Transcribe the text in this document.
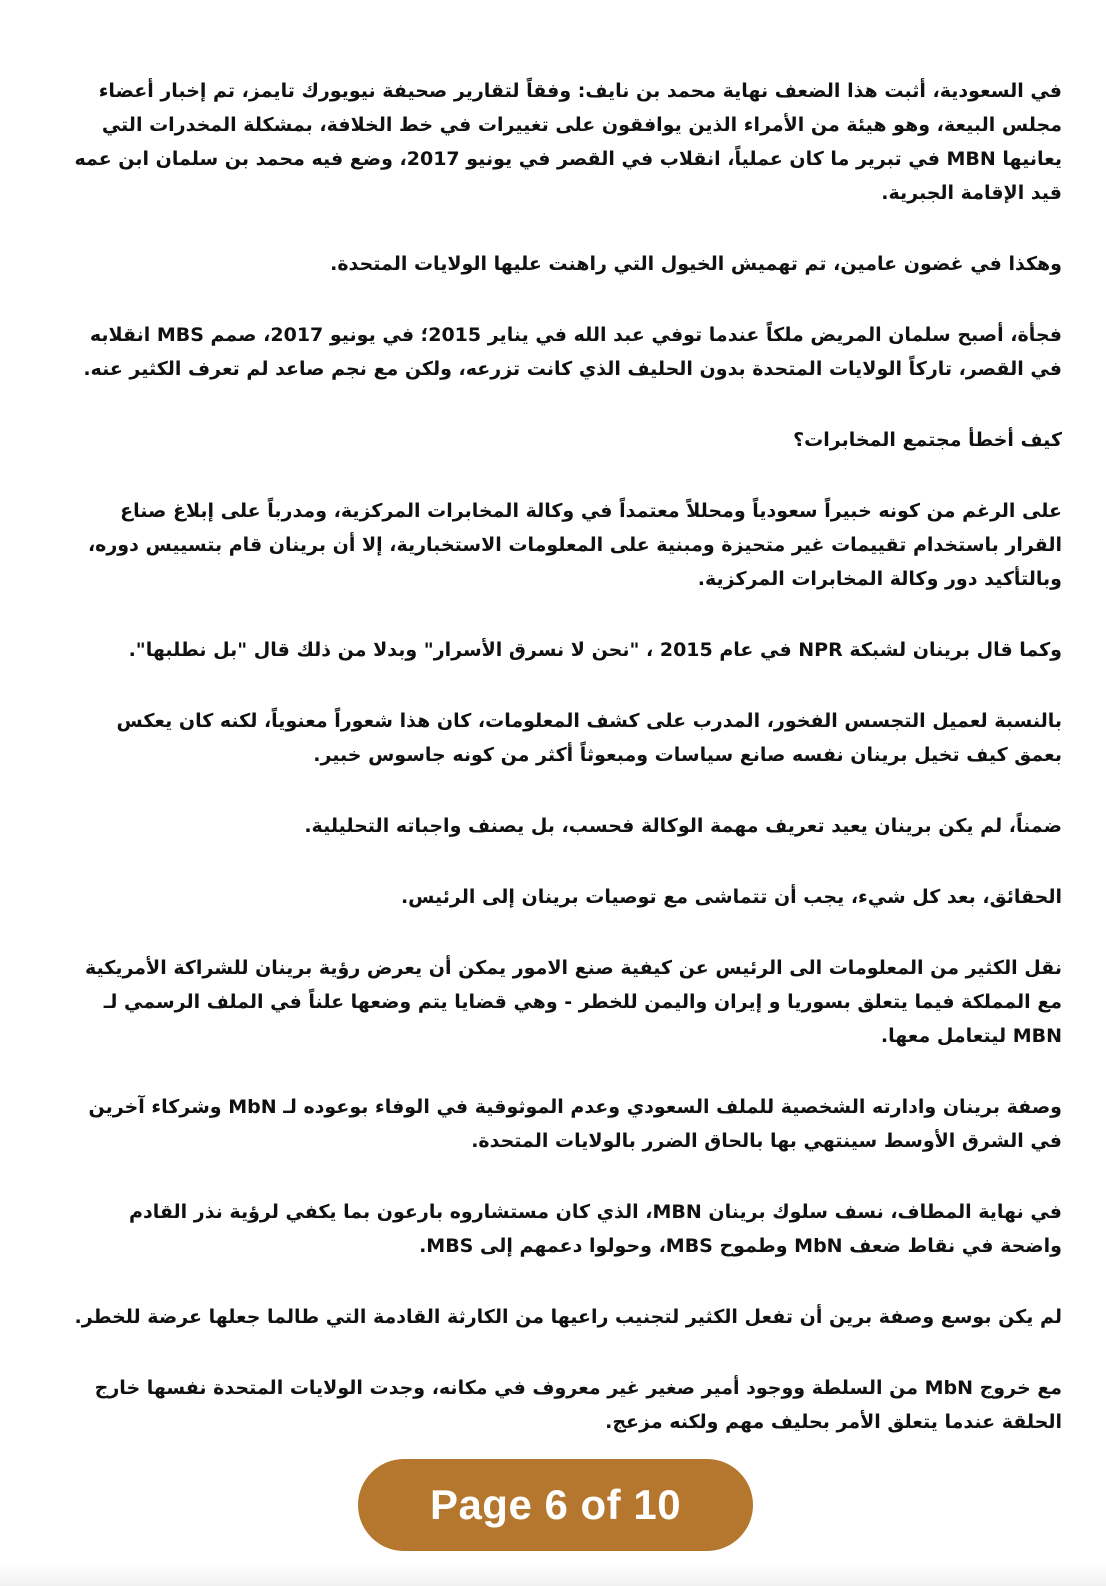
في السعودية، أثبت هذا الضعف نهاية محمد بن نايف: وفقاً لتقارير صحيفة نيويورك تايمز، تم إخبار أعضاء مجلس البيعة، وهو هيئة من الأمراء الذين يوافقون على تغييرات في خط الخلافة، بمشكلة المخدرات التي يعانيها MBN في تبرير ما كان عملياً، انقلاب في القصر في يونيو 2017، وضع فيه محمد بن سلمان ابن عمه قيد الإقامة الجبرية.

وهكذا في غضون عامين، تم تهميش الخيول التي راهنت عليها الولايات المتحدة.

فجأة، أصبح سلمان المريض ملكاً عندما توفي عبد الله في يناير 2015؛ في يونيو 2017، صمم MBS انقلابه في القصر، تاركاً الولايات المتحدة بدون الحليف الذي كانت تزرعه، ولكن مع نجم صاعد لم تعرف الكثير عنه.

كيف أخطأ مجتمع المخابرات؟

على الرغم من كونه خبيراً سعودياً ومحللاً معتمداً في وكالة المخابرات المركزية، ومدرباً على إبلاغ صناع القرار باستخدام تقييمات غير متحيزة ومبنية على المعلومات الاستخبارية، إلا أن برينان قام بتسييس دوره، وبالتأكيد دور وكالة المخابرات المركزية.

وكما قال برينان لشبكة NPR في عام 2015 ، "نحن لا نسرق الأسرار" وبدلا من ذلك قال "بل نطلبها".

بالنسبة لعميل التجسس الفخور، المدرب على كشف المعلومات، كان هذا شعوراً معنوياً، لكنه كان يعكس بعمق كيف تخيل برينان نفسه صانع سياسات ومبعوثاً أكثر من كونه جاسوس خبير.

ضمناً، لم يكن برينان يعيد تعريف مهمة الوكالة فحسب، بل يصنف واجباته التحليلية.

الحقائق، بعد كل شيء، يجب أن تتماشى مع توصيات برينان إلى الرئيس.

نقل الكثير من المعلومات الى الرئيس عن كيفية صنع الامور يمكن أن يعرض رؤية برينان للشراكة الأمريكية مع المملكة فيما يتعلق بسوريا و إيران واليمن للخطر - وهي قضايا يتم وضعها علناً في الملف الرسمي لـ MBN ليتعامل معها.

وصفة برينان وادارته الشخصية للملف السعودي وعدم الموثوقية في الوفاء بوعوده لـ MbN وشركاء آخرين في الشرق الأوسط سينتهي بها بالحاق الضرر بالولايات المتحدة.

في نهاية المطاف، نسف سلوك برينان MBN، الذي كان مستشاروه بارعون بما يكفي لرؤية نذر القادم واضحة في نقاط ضعف MbN وطموح MBS، وحولوا دعمهم إلى MBS.

لم يكن بوسع وصفة برين أن تفعل الكثير لتجنيب راعيها من الكارثة القادمة التي طالما جعلها عرضة للخطر.

مع خروج MbN من السلطة ووجود أمير صغير غير معروف في مكانه، وجدت الولايات المتحدة نفسها خارج الحلقة عندما يتعلق الأمر بحليف مهم ولكنه مزعج.

Page 6 of 10
